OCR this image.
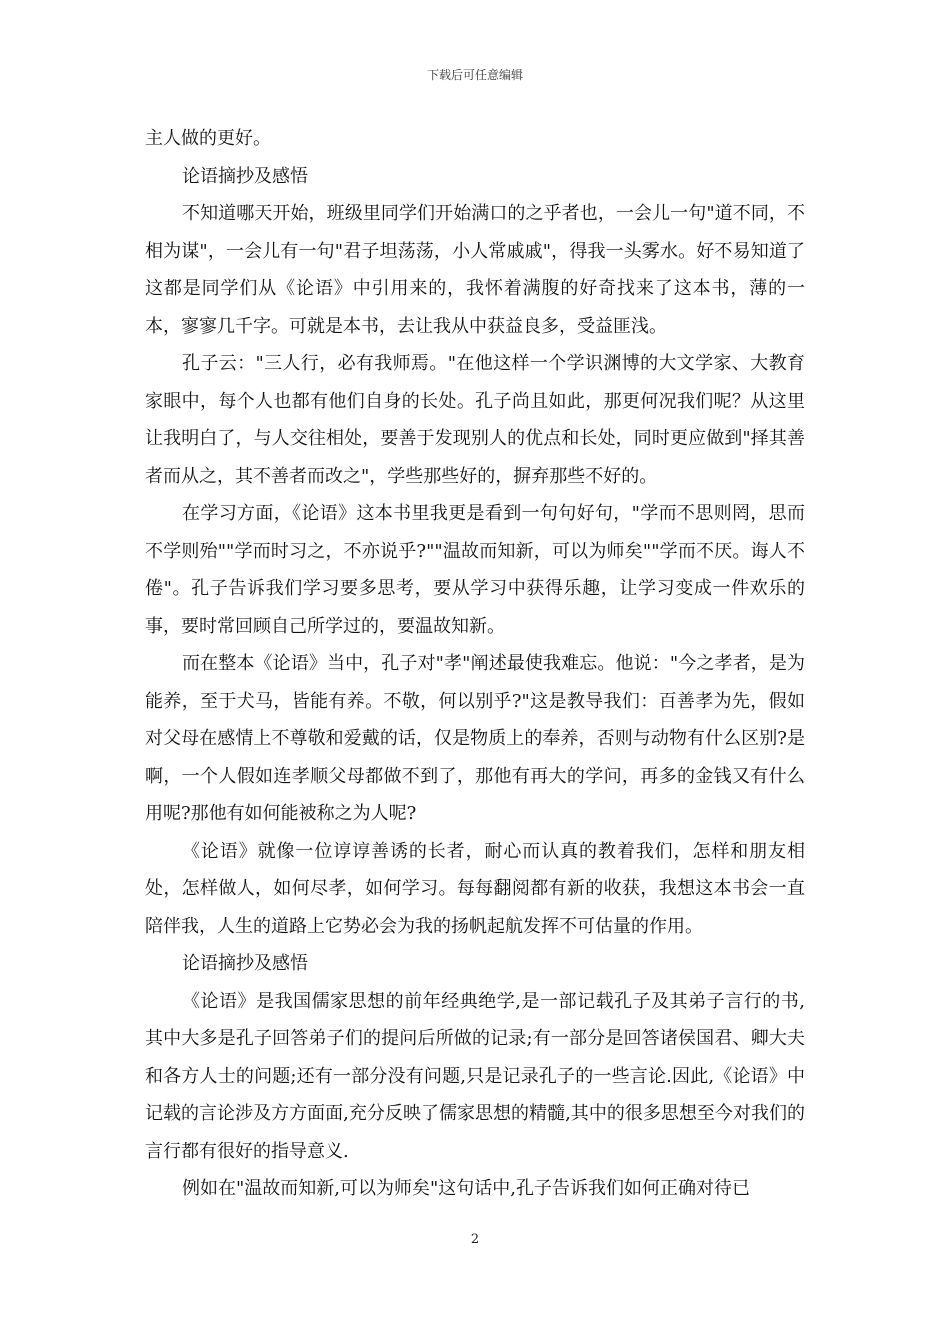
下载后可任意编辑

主人做的更好。

论语摘抄及感悟

不知道哪天开始，班级里同学们开始满口的之乎者也，一会儿一句"道不同，不相为谋"，一会儿有一句"君子坦荡荡，小人常戚戚"，得我一头雾水。好不易知道了这都是同学们从《论语》中引用来的，我怀着满腹的好奇找来了这本书，薄的一本，寥寥几千字。可就是本书，去让我从中获益良多，受益匪浅。

孔子云："三人行，必有我师焉。"在他这样一个学识渊博的大文学家、大教育家眼中，每个人也都有他们自身的长处。孔子尚且如此，那更何况我们呢？从这里让我明白了，与人交往相处，要善于发现别人的优点和长处，同时更应做到"择其善者而从之，其不善者而改之"，学些那些好的，摒弃那些不好的。

在学习方面，《论语》这本书里我更是看到一句句好句，"学而不思则罔，思而不学则殆""学而时习之，不亦说乎?""温故而知新，可以为师矣""学而不厌。诲人不倦"。孔子告诉我们学习要多思考，要从学习中获得乐趣，让学习变成一件欢乐的事，要时常回顾自己所学过的，要温故知新。

而在整本《论语》当中，孔子对"孝"阐述最使我难忘。他说："今之孝者，是为能养，至于犬马，皆能有养。不敬，何以别乎?"这是教导我们：百善孝为先，假如对父母在感情上不尊敬和爱戴的话，仅是物质上的奉养，否则与动物有什么区别?是啊，一个人假如连孝顺父母都做不到了，那他有再大的学问，再多的金钱又有什么用呢?那他有如何能被称之为人呢?

《论语》就像一位谆谆善诱的长者，耐心而认真的教着我们，怎样和朋友相处，怎样做人，如何尽孝，如何学习。每每翻阅都有新的收获，我想这本书会一直陪伴我，人生的道路上它势必会为我的扬帆起航发挥不可估量的作用。

论语摘抄及感悟

《论语》是我国儒家思想的前年经典绝学,是一部记载孔子及其弟子言行的书,其中大多是孔子回答弟子们的提问后所做的记录;有一部分是回答诸侯国君、卿大夫和各方人士的问题;还有一部分没有问题,只是记录孔子的一些言论.因此,《论语》中记载的言论涉及方方面面,充分反映了儒家思想的精髓,其中的很多思想至今对我们的言行都有很好的指导意义.

例如在"温故而知新,可以为师矣"这句话中,孔子告诉我们如何正确对待已

2
